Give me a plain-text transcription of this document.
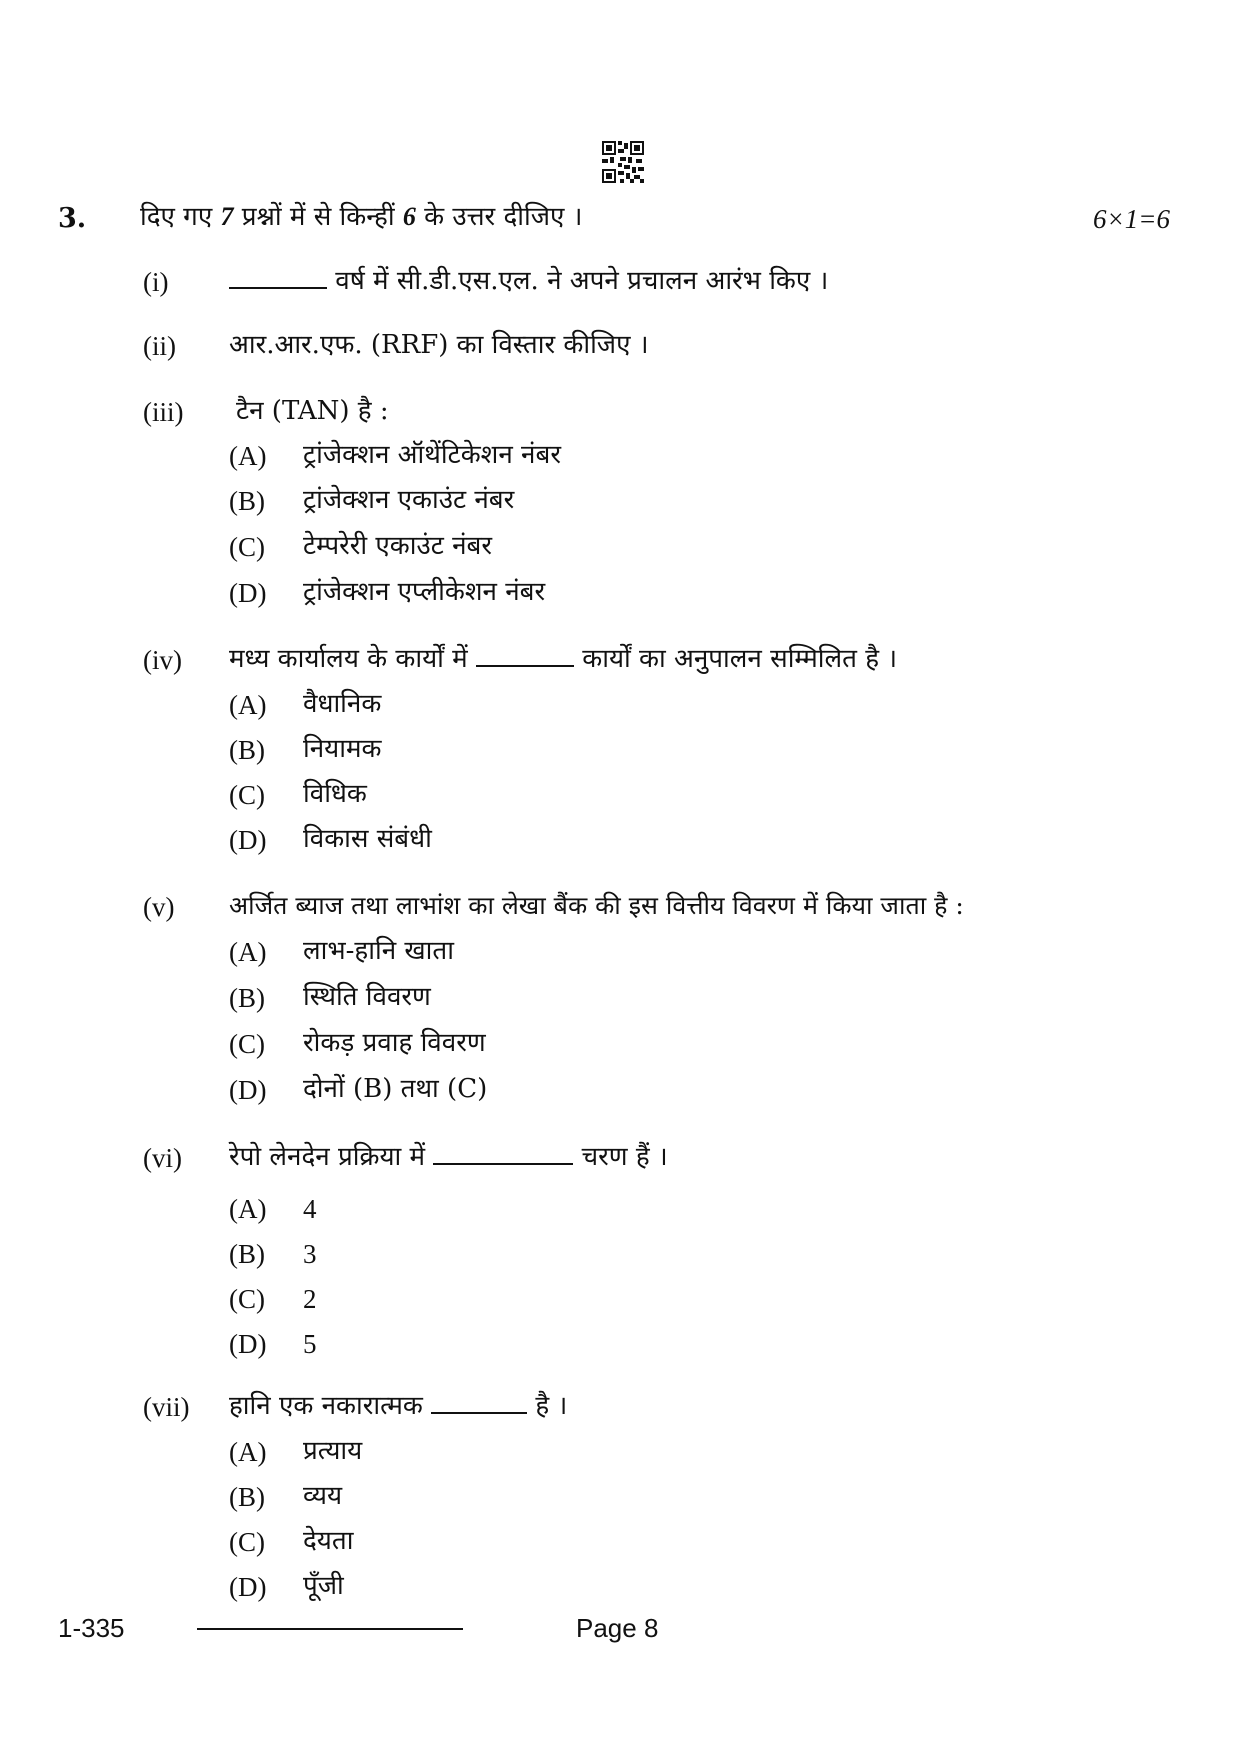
3. दिए गए 7 प्रश्नों में से किन्हीं 6 के उत्तर दीजिए ।	6×1=6
(i)	वर्ष में सी.डी.एस.एल. ने अपने प्रचालन आरंभ किए ।
(ii) आर.आर.एफ. (RRF) का विस्तार कीजिए ।
(iii) टैन (TAN) है :
(A) ट्रांजेक्शन ऑथेंटिकेशन नंबर
(B) ट्रांजेक्शन एकाउंट नंबर
(C) टेम्परेरी एकाउंट नंबर
(D) ट्रांजेक्शन एप्लीकेशन नंबर
(iv) मध्य कार्यालय के कार्यों में	कार्यों का अनुपालन सम्मिलित है ।
(A) वैधानिक
(B) नियामक
(C) विधिक
(D) विकास संबंधी
(v) अर्जित ब्याज तथा लाभांश का लेखा बैंक की इस वित्तीय विवरण में किया जाता है :
(A) लाभ-हानि खाता
(B) स्थिति विवरण
(C) रोकड़ प्रवाह विवरण
(D) दोनों (B) तथा (C)
(vi) रेपो लेनदेन प्रक्रिया में	चरण हैं ।
(A) 4
(B) 3
(C) 2
(D) 5
(vii) हानि एक नकारात्मक	है ।
(A) प्रत्याय
(B) व्यय
(C) देयता
(D) पूँजी
1-335	Page 8
